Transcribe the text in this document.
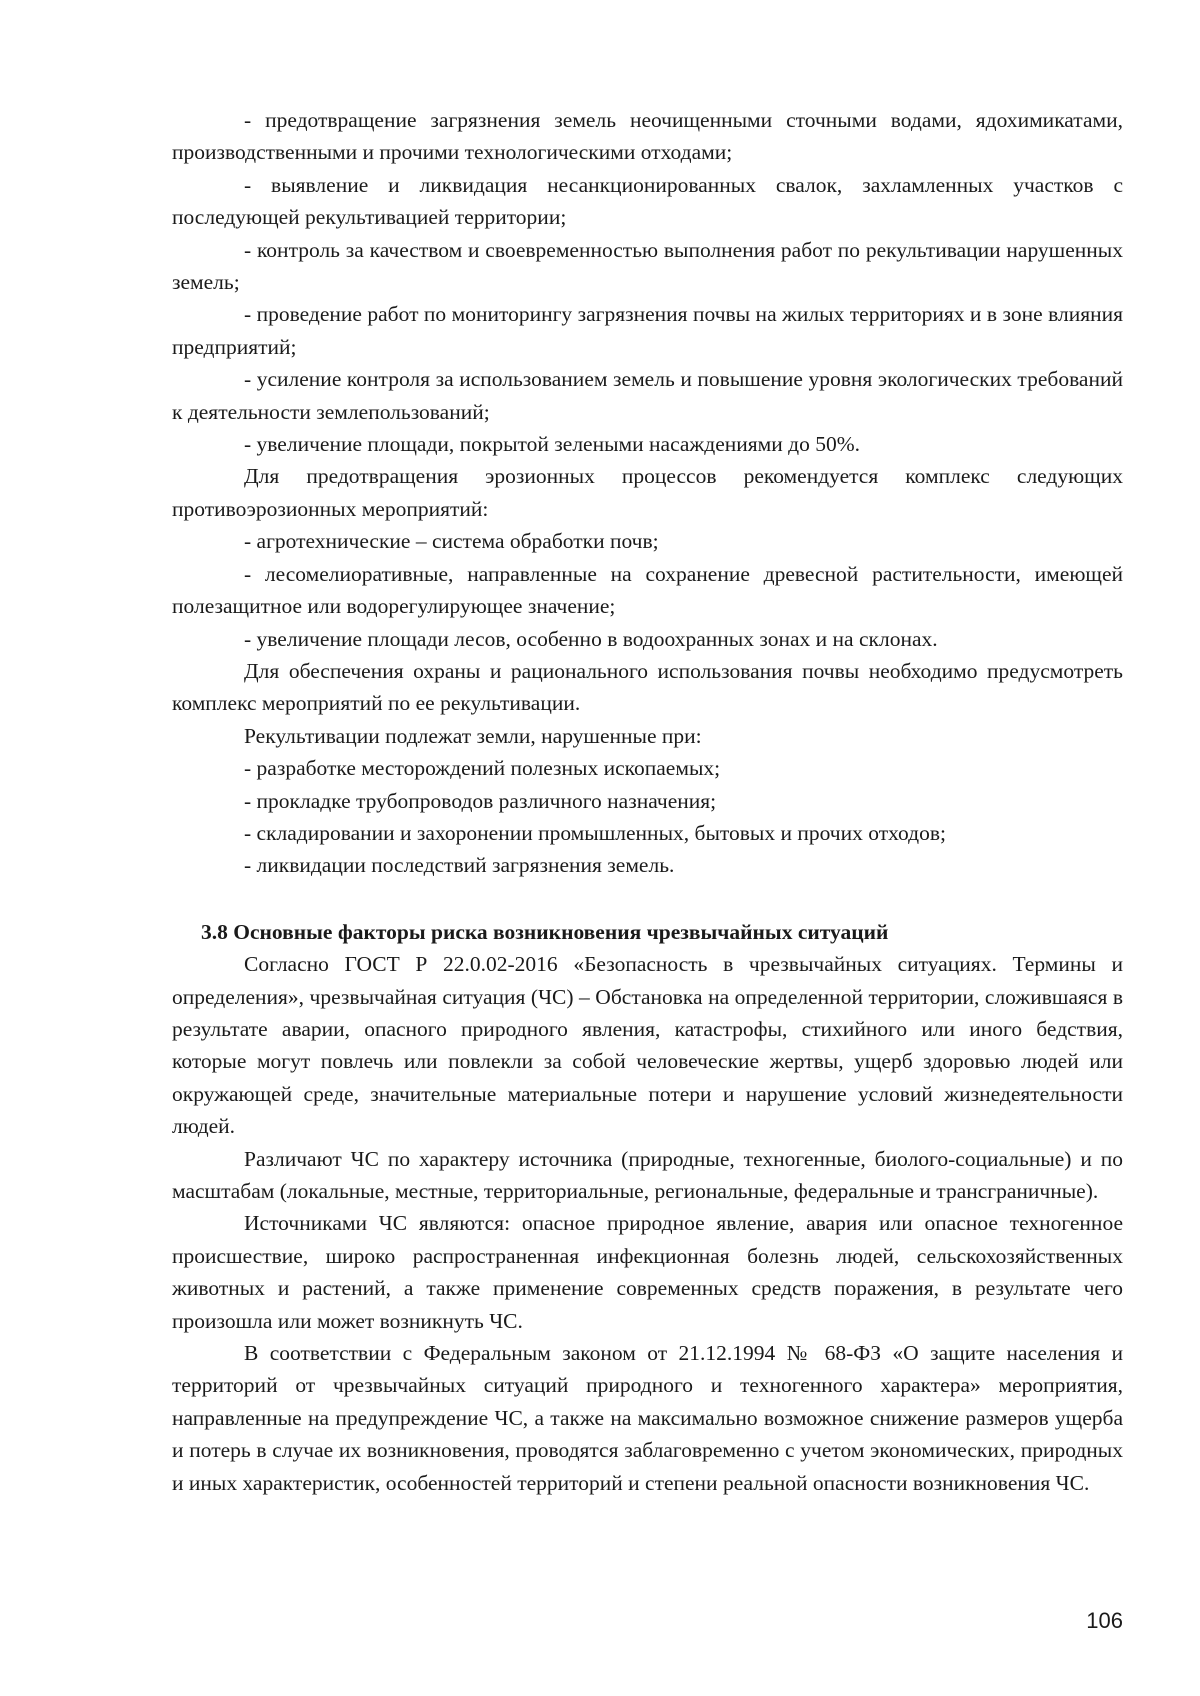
- предотвращение загрязнения земель неочищенными сточными водами, ядохимикатами, производственными и прочими технологическими отходами;

- выявление и ликвидация несанкционированных свалок, захламленных участков с последующей рекультивацией территории;

- контроль за качеством и своевременностью выполнения работ по рекультивации нарушенных земель;

- проведение работ по мониторингу загрязнения почвы на жилых территориях и в зоне влияния предприятий;

- усиление контроля за использованием земель и повышение уровня экологических требований к деятельности землепользований;

- увеличение площади, покрытой зелеными насаждениями до 50%.

Для предотвращения эрозионных процессов рекомендуется комплекс следующих противоэрозионных мероприятий:

- агротехнические – система обработки почв;

- лесомелиоративные, направленные на сохранение древесной растительности, имеющей полезащитное или водорегулирующее значение;

- увеличение площади лесов, особенно в водоохранных зонах и на склонах.

Для обеспечения охраны и рационального использования почвы необходимо предусмотреть комплекс мероприятий по ее рекультивации.

Рекультивации подлежат земли, нарушенные при:

- разработке месторождений полезных ископаемых;

- прокладке трубопроводов различного назначения;

- складировании и захоронении промышленных, бытовых и прочих отходов;

- ликвидации последствий загрязнения земель.

3.8 Основные факторы риска возникновения чрезвычайных ситуаций

Согласно ГОСТ Р 22.0.02-2016 «Безопасность в чрезвычайных ситуациях. Термины и определения», чрезвычайная ситуация (ЧС) – Обстановка на определенной территории, сложившаяся в результате аварии, опасного природного явления, катастрофы, стихийного или иного бедствия, которые могут повлечь или повлекли за собой человеческие жертвы, ущерб здоровью людей или окружающей среде, значительные материальные потери и нарушение условий жизнедеятельности людей.

Различают ЧС по характеру источника (природные, техногенные, биолого-социальные) и по масштабам (локальные, местные, территориальные, региональные, федеральные и трансграничные).

Источниками ЧС являются: опасное природное явление, авария или опасное техногенное происшествие, широко распространенная инфекционная болезнь людей, сельскохозяйственных животных и растений, а также применение современных средств поражения, в результате чего произошла или может возникнуть ЧС.

В соответствии с Федеральным законом от 21.12.1994 № 68-ФЗ «О защите населения и территорий от чрезвычайных ситуаций природного и техногенного характера» мероприятия, направленные на предупреждение ЧС, а также на максимально возможное снижение размеров ущерба и потерь в случае их возникновения, проводятся заблаговременно с учетом экономических, природных и иных характеристик, особенностей территорий и степени реальной опасности возникновения ЧС.

106
